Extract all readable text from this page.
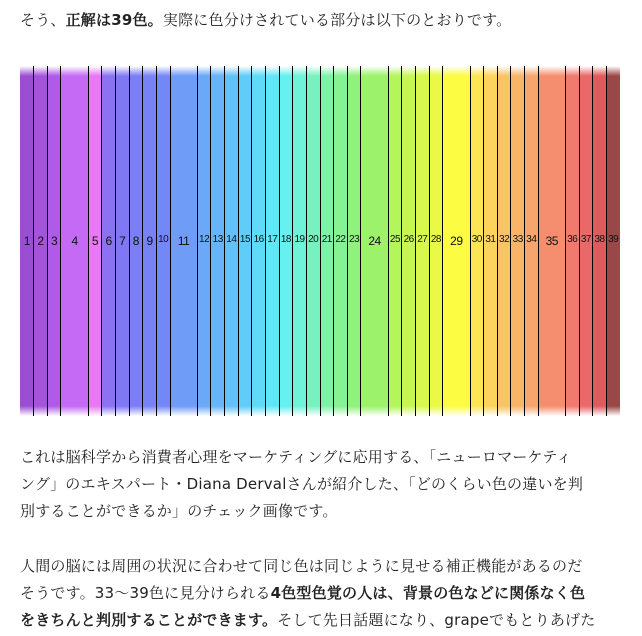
そう、正解は39色。実際に色分けされている部分は以下のとおりです。

1 2 3	4	5 6 7 8 9 10 11 12 13 14 15 16 17 18 19 20 21 22 23 24 25 26 27 28 29 30 31 32 33 34 35 36 37 38 39

これは脳科学から消費者心理をマーケティングに応用する、「ニューロマーケティ
ング」のエキスパート・Diana Dervalさんが紹介した、「どのくらい色の違いを判
別することができるか」のチェック画像です。

人間の脳には周囲の状況に合わせて同じ色は同じように見せる補正機能があるのだ
そうです。33〜39色に見分けられる4色型色覚の人は、背景の色などに関係なく色
をきちんと判別することができます。そして先日話題になり、grapeでもとりあげた
